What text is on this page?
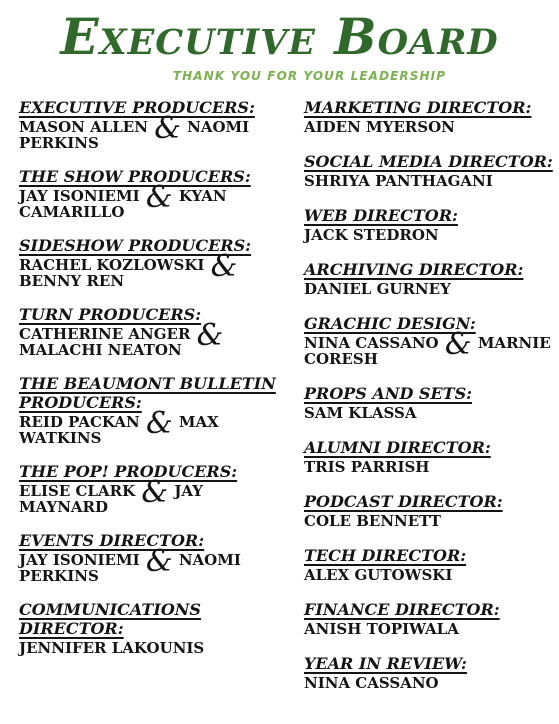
Executive Board
THANK YOU FOR YOUR LEADERSHIP
EXECUTIVE PRODUCERS:
MASON ALLEN & NAOMI PERKINS
THE SHOW PRODUCERS:
JAY ISONIEMI & KYAN CAMARILLO
SIDESHOW PRODUCERS:
RACHEL KOZLOWSKI & BENNY REN
TURN PRODUCERS:
CATHERINE ANGER & MALACHI NEATON
THE BEAUMONT BULLETIN PRODUCERS:
REID PACKAN & MAX WATKINS
THE POP! PRODUCERS:
ELISE CLARK & JAY MAYNARD
EVENTS DIRECTOR:
JAY ISONIEMI & NAOMI PERKINS
COMMUNICATIONS DIRECTOR:
JENNIFER LAKOUNIS
MARKETING DIRECTOR:
AIDEN MYERSON
SOCIAL MEDIA DIRECTOR:
SHRIYA PANTHAGANI
WEB DIRECTOR:
JACK STEDRON
ARCHIVING DIRECTOR:
DANIEL GURNEY
GRACHIC DESIGN:
NINA CASSANO & MARNIE CORESH
PROPS AND SETS:
SAM KLASSA
ALUMNI DIRECTOR:
TRIS PARRISH
PODCAST DIRECTOR:
COLE BENNETT
TECH DIRECTOR:
ALEX GUTOWSKI
FINANCE DIRECTOR:
ANISH TOPIWALA
YEAR IN REVIEW:
NINA CASSANO
